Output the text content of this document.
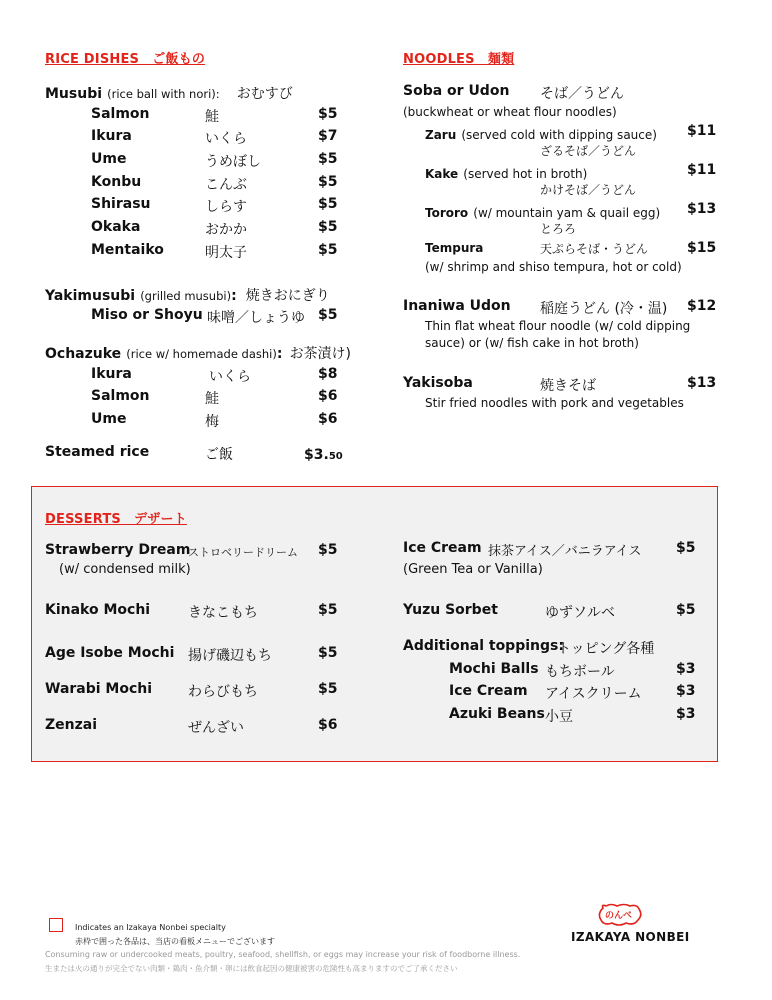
RICE DISHES　ご飯もの
Musubi (rice ball with nori): おむすび
Salmon	鮭	$5
Ikura	いくら	$7
Ume	うめぼし	$5
Konbu	こんぶ	$5
Shirasu	しらす	$5
Okaka	おかか	$5
Mentaiko	明太子	$5
Yakimusubi (grilled musubi): 焼きおにぎり
Miso or Shoyu 味噌／しょうゆ $5
Ochazuke (rice w/ homemade dashi): お茶漬け)
Ikura	いくら	$8
Salmon	鮭	$6
Ume	梅	$6
Steamed rice	ご飯	$3.50
NOODLES　麺類
Soba or Udon そば／うどん
(buckwheat or wheat flour noodles)
Zaru (served cold with dipping sauce) $11
ざるそば／うどん
Kake (served hot in broth)	$11
かけそば／うどん
Tororo (w/ mountain yam & quail egg) $13
とろろ
Tempura	天ぷらそば・うどん	$15
(w/ shrimp and shiso tempura, hot or cold)
Inaniwa Udon 稲庭うどん (冷・温) $12
Thin flat wheat flour noodle (w/ cold dipping
sauce) or (w/ fish cake in hot broth)
Yakisoba	焼きそば	$13
Stir fried noodles with pork and vegetables
DESSERTS　デザート
Strawberry Dream
ストロベリードリーム $5
(w/ condensed milk)
Kinako Mochi	きなこもち	$5
Age Isobe Mochi 揚げ磯辺もち	$5
Warabi Mochi	わらびもち	$5
Zenzai	ぜんざい	$6
Ice Cream 抹茶アイス／バニラアイス $5
(Green Tea or Vanilla)
Yuzu Sorbet	ゆずソルベ	$5
Additional toppings:
トッピング各種
Mochi Balls もちボール	$3
Ice Cream アイスクリーム $3
Azuki Beans 小豆	$3
Indicates an Izakaya Nonbei specialty
赤枠で囲った各品は、当店の看板メニューでございます
Consuming raw or undercooked meats, poultry, seafood, shellfish, or eggs may increase your risk of foodborne illness.
生または火の通りが完全でない肉類・鶏肉・魚介類・卵には飲食起因の健康被害の危険性も高まりますのでご了承ください
のんべ
IZAKAYA NONBEI
